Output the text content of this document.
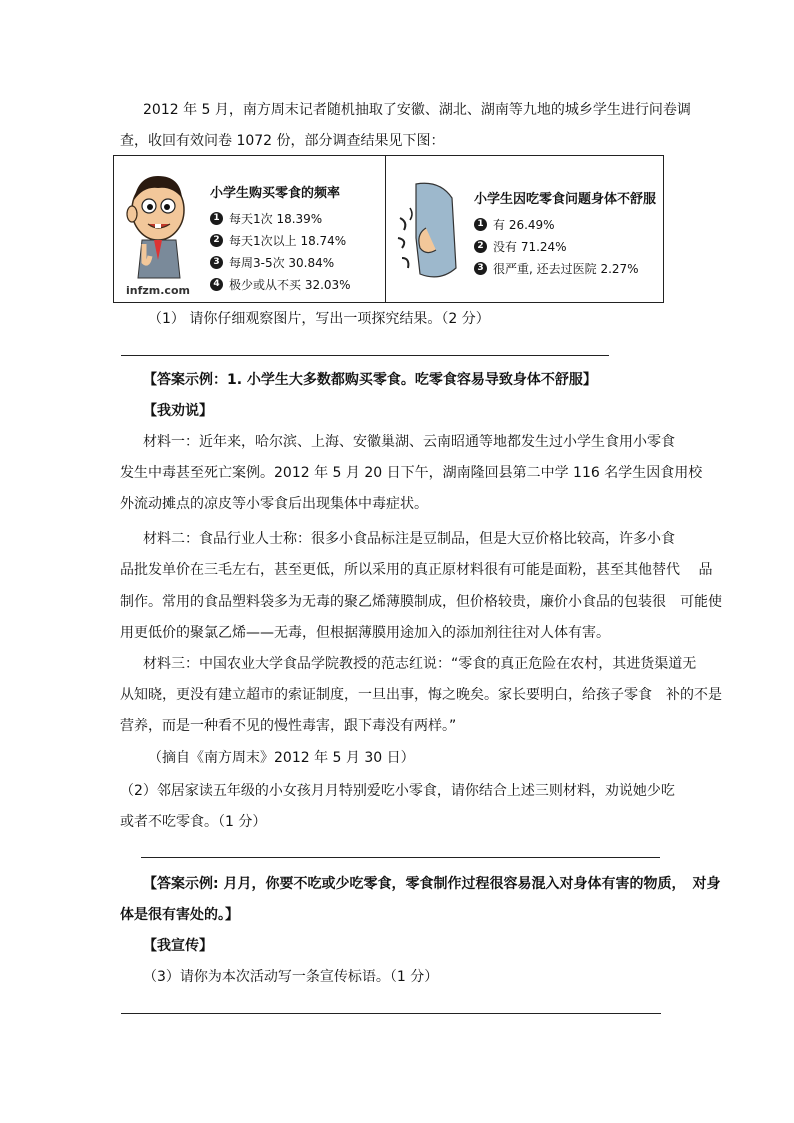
2012 年 5 月，南方周末记者随机抽取了安徽、湖北、湖南等九地的城乡学生进行问卷调
查，收回有效问卷 1072 份，部分调查结果见下图：
infzm.com
小学生购买零食的频率
1 每天1次 18.39%
2 每天1次以上 18.74%
3 每周3-5次 30.84%
4 极少或从不买 32.03%
小学生因吃零食问题身体不舒服
1 有 26.49%
2 没有 71.24%
3 很严重, 还去过医院 2.27%
（1） 请你仔细观察图片，写出一项探究结果。（2 分）
【答案示例：1. 小学生大多数都购买零食。吃零食容易导致身体不舒服】
【我劝说】
材料一：近年来，哈尔滨、上海、安徽巢湖、云南昭通等地都发生过小学生食用小零食
发生中毒甚至死亡案例。2012 年 5 月 20 日下午，湖南隆回县第二中学 116 名学生因食用校
外流动摊点的凉皮等小零食后出现集体中毒症状。
材料二：食品行业人士称：很多小食品标注是豆制品，但是大豆价格比较高，许多小食
品批发单价在三毛左右，甚至更低，所以采用的真正原材料很有可能是面粉，甚至其他替代　 品
制作。常用的食品塑料袋多为无毒的聚乙烯薄膜制成，但价格较贵，廉价小食品的包装很　可能使
用更低价的聚氯乙烯——无毒，但根据薄膜用途加入的添加剂往往对人体有害。
材料三：中国农业大学食品学院教授的范志红说：“零食的真正危险在农村，其进货渠道无
从知晓，更没有建立超市的索证制度，一旦出事，悔之晚矣。家长要明白，给孩子零食　补的不是
营养，而是一种看不见的慢性毒害，跟下毒没有两样。”
（摘自《南方周末》2012 年 5 月 30 日）
（2）邻居家读五年级的小女孩月月特别爱吃小零食，请你结合上述三则材料，劝说她少吃
或者不吃零食。（1 分）
【答案示例: 月月，你要不吃或少吃零食，零食制作过程很容易混入对身体有害的物质，　对身
体是很有害处的。】
【我宣传】
（3）请你为本次活动写一条宣传标语。（1 分）
